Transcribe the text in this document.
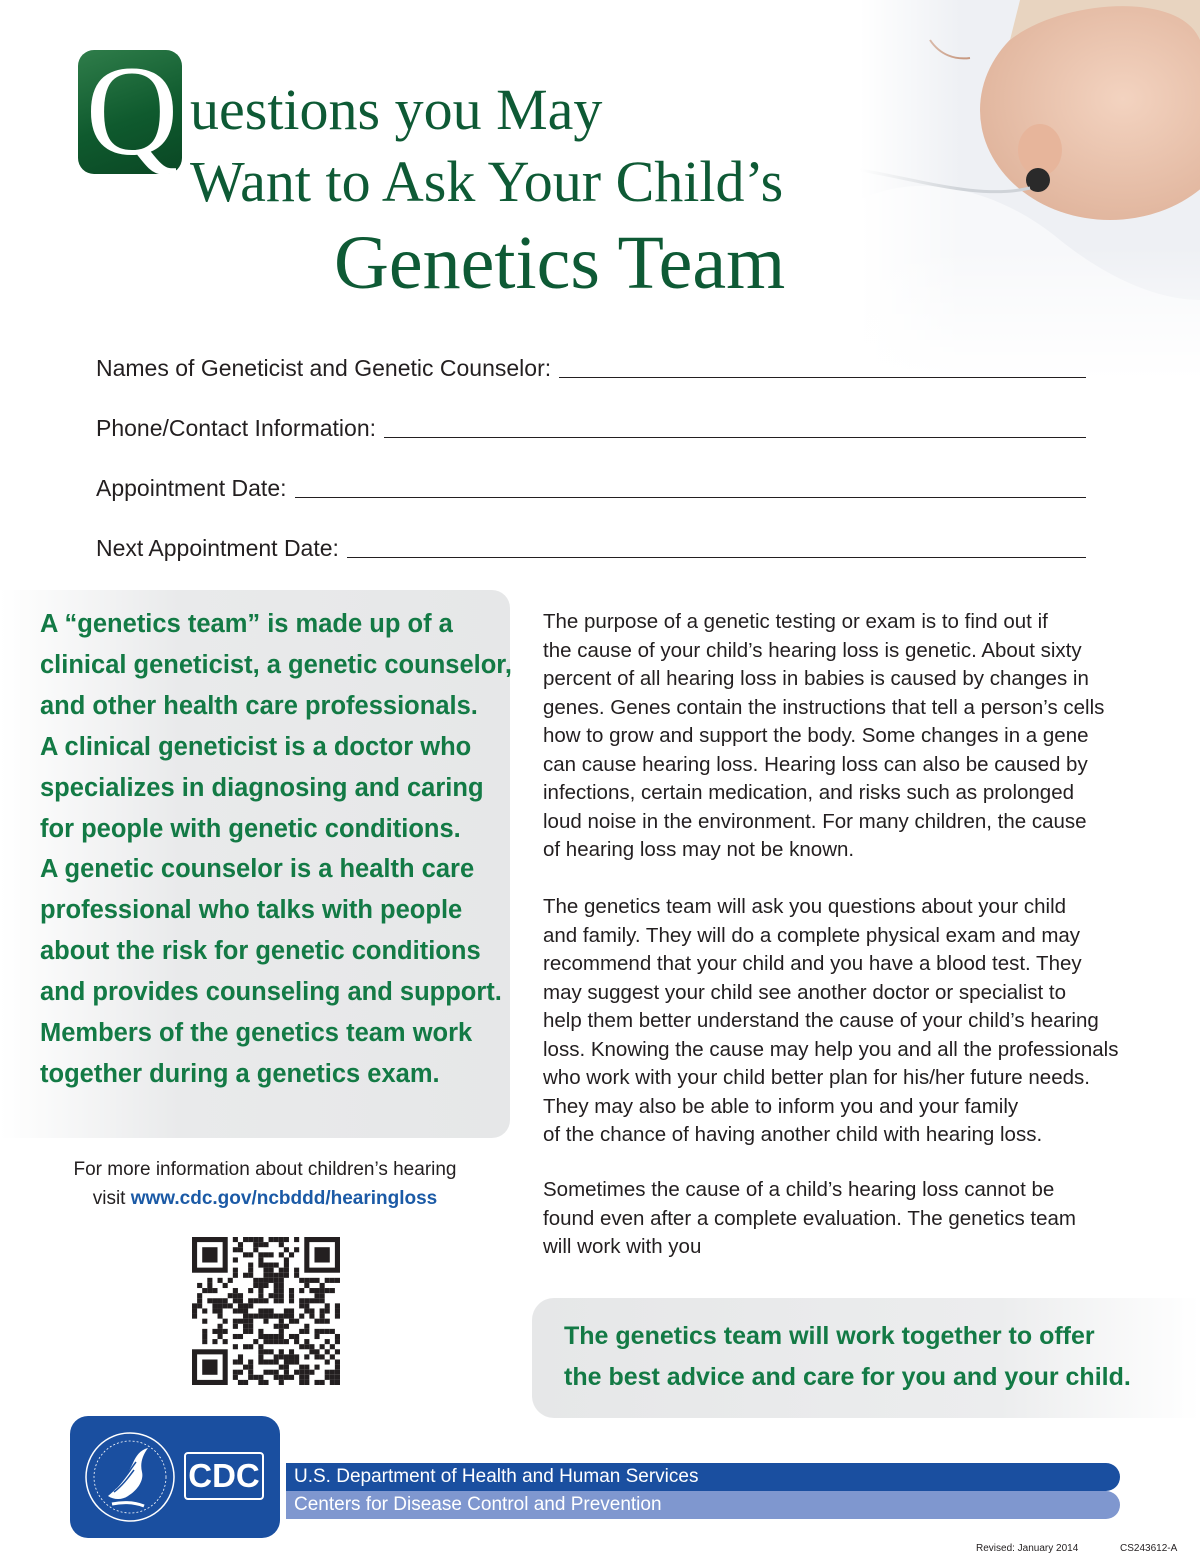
Q uestions you May
Want to Ask Your Child’s
Genetics Team
Names of Geneticist and Genetic Counselor:
Phone/Contact Information:
Appointment Date:
Next Appointment Date:
A “genetics team” is made up of a
clinical geneticist, a genetic counselor,
and other health care professionals.
A clinical geneticist is a doctor who
specializes in diagnosing and caring
for people with genetic conditions.
A genetic counselor is a health care
professional who talks with people
about the risk for genetic conditions
and provides counseling and support.
Members of the genetics team work
together during a genetics exam.
The purpose of a genetic testing or exam is to find out if
the cause of your child’s hearing loss is genetic. About sixty
percent of all hearing loss in babies is caused by changes in
genes. Genes contain the instructions that tell a person’s cells
how to grow and support the body. Some changes in a gene
can cause hearing loss. Hearing loss can also be caused by
infections, certain medication, and risks such as prolonged
loud noise in the environment. For many children, the cause
of hearing loss may not be known.
The genetics team will ask you questions about your child
and family. They will do a complete physical exam and may
recommend that your child and you have a blood test. They
may suggest your child see another doctor or specialist to
help them better understand the cause of your child’s hearing
loss. Knowing the cause may help you and all the professionals
who work with your child better plan for his/her future needs.
They may also be able to inform you and your family
of the chance of having another child with hearing loss.
Sometimes the cause of a child’s hearing loss cannot be
found even after a complete evaluation. The genetics team
will work with you
For more information about children’s hearing
visit www.cdc.gov/ncbddd/hearingloss
The genetics team will work together to offer
the best advice and care for you and your child.
CDC U.S. Department of Health and Human Services
Centers for Disease Control and Prevention
Revised: January 2014	CS243612-A
